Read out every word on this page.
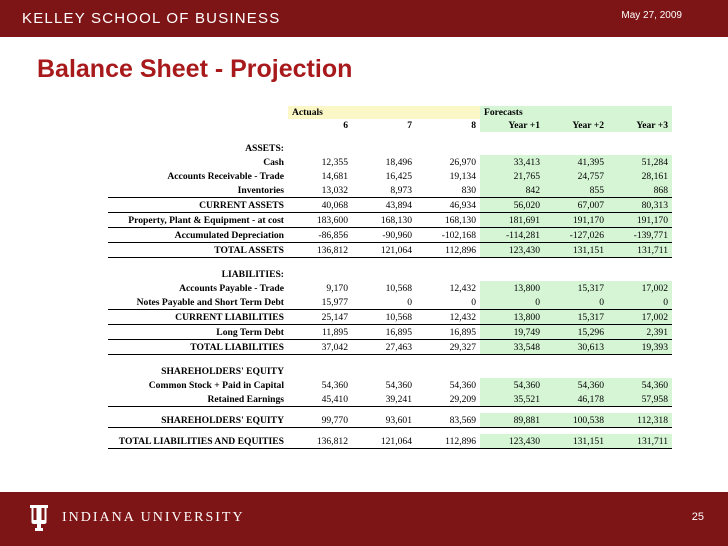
KELLEY SCHOOL OF BUSINESS	May 27, 2009
Balance Sheet - Projection
	Actuals			Forecasts		
	6	7	8	Year +1	Year +2	Year +3

ASSETS:						
Cash	12,355	18,496	26,970	33,413	41,395	51,284
Accounts Receivable - Trade	14,681	16,425	19,134	21,765	24,757	28,161
Inventories	13,032	8,973	830	842	855	868
CURRENT ASSETS	40,068	43,894	46,934	56,020	67,007	80,313
Property, Plant & Equipment - at cost	183,600	168,130	168,130	181,691	191,170	191,170
Accumulated Depreciation	-86,856	-90,960	-102,168	-114,281	-127,026	-139,771
TOTAL ASSETS	136,812	121,064	112,896	123,430	131,151	131,711

LIABILITIES:						
Accounts Payable - Trade	9,170	10,568	12,432	13,800	15,317	17,002
Notes Payable and Short Term Debt	15,977	0	0	0	0	0
CURRENT LIABILITIES	25,147	10,568	12,432	13,800	15,317	17,002
Long Term Debt	11,895	16,895	16,895	19,749	15,296	2,391
TOTAL LIABILITIES	37,042	27,463	29,327	33,548	30,613	19,393

SHAREHOLDERS' EQUITY						
Common Stock + Paid in Capital	54,360	54,360	54,360	54,360	54,360	54,360
Retained Earnings	45,410	39,241	29,209	35,521	46,178	57,958

SHAREHOLDERS' EQUITY	99,770	93,601	83,569	89,881	100,538	112,318

TOTAL LIABILITIES AND EQUITIES	136,812	121,064	112,896	123,430	131,151	131,711
INDIANA UNIVERSITY	25
